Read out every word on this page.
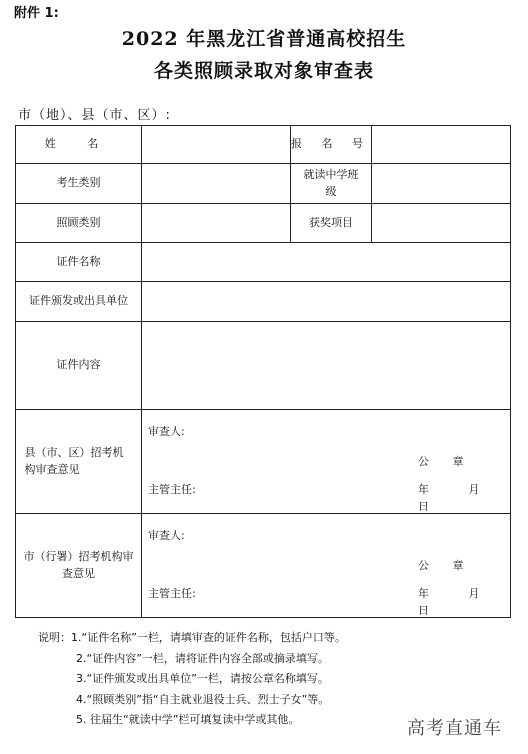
附件 1:
2022 年黑龙江省普通高校招生
各类照顾录取对象审查表
市（地）、县（市、区）:
姓 名		报 名 号	
考生类别		就读中学班级	

照顾类别		获奖项目	
证件名称			
证件颁发或出具单位			
证件内容			

县（市、区）招考机构审查意见	审查人:
公 章
主管主任: 年 月 日		

市（行署）招考机构审查意见	审查人:
公 章
主管主任: 年 月 日		
说明：1.“证件名称”一栏，请填审查的证件名称，包括户口等。
2.“证件内容”一栏，请将证件内容全部或摘录填写。
3.“证件颁发或出具单位”一栏，请按公章名称填写。
4.“照顾类别”指“自主就业退役士兵、烈士子女”等。
5. 往届生“就读中学”栏可填复读中学或其他。	高考直通车
